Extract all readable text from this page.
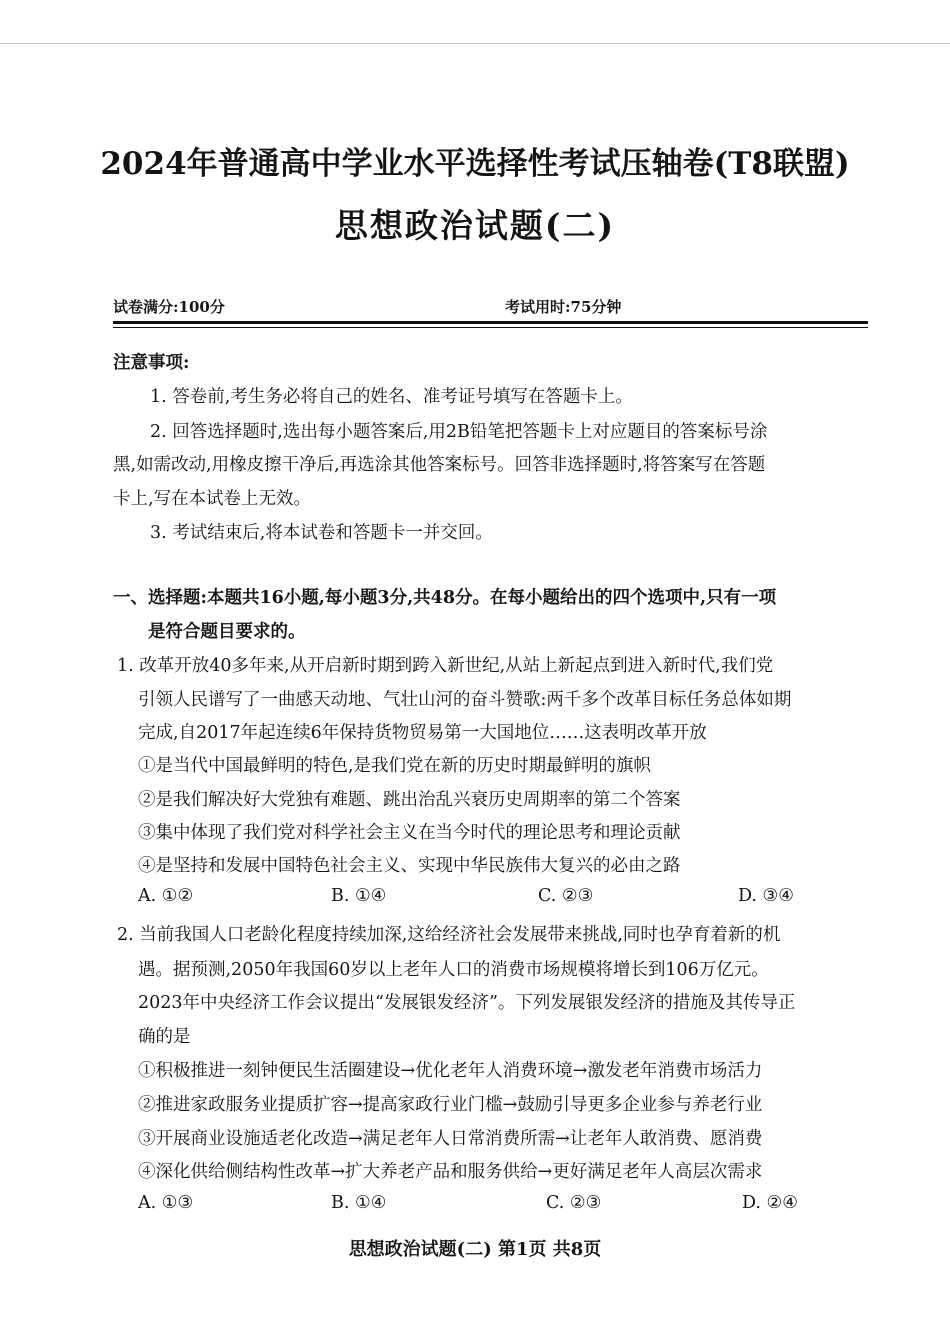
2024年普通高中学业水平选择性考试压轴卷(T8联盟)
思想政治试题(二)
试卷满分:100分	考试用时:75分钟
注意事项:
1. 答卷前,考生务必将自己的姓名、准考证号填写在答题卡上。
2. 回答选择题时,选出每小题答案后,用2B铅笔把答题卡上对应题目的答案标号涂
黑,如需改动,用橡皮擦干净后,再选涂其他答案标号。回答非选择题时,将答案写在答题
卡上,写在本试卷上无效。
3. 考试结束后,将本试卷和答题卡一并交回。
一、选择题:本题共16小题,每小题3分,共48分。在每小题给出的四个选项中,只有一项
是符合题目要求的。
1. 改革开放40多年来,从开启新时期到跨入新世纪,从站上新起点到进入新时代,我们党
引领人民谱写了一曲感天动地、气壮山河的奋斗赞歌:两千多个改革目标任务总体如期
完成,自2017年起连续6年保持货物贸易第一大国地位……这表明改革开放
①是当代中国最鲜明的特色,是我们党在新的历史时期最鲜明的旗帜
②是我们解决好大党独有难题、跳出治乱兴衰历史周期率的第二个答案
③集中体现了我们党对科学社会主义在当今时代的理论思考和理论贡献
④是坚持和发展中国特色社会主义、实现中华民族伟大复兴的必由之路
A. ①②	B. ①④	C. ②③	D. ③④
2. 当前我国人口老龄化程度持续加深,这给经济社会发展带来挑战,同时也孕育着新的机
遇。据预测,2050年我国60岁以上老年人口的消费市场规模将增长到106万亿元。
2023年中央经济工作会议提出“发展银发经济”。下列发展银发经济的措施及其传导正
确的是
①积极推进一刻钟便民生活圈建设→优化老年人消费环境→激发老年消费市场活力
②推进家政服务业提质扩容→提高家政行业门槛→鼓励引导更多企业参与养老行业
③开展商业设施适老化改造→满足老年人日常消费所需→让老年人敢消费、愿消费
④深化供给侧结构性改革→扩大养老产品和服务供给→更好满足老年人高层次需求
A. ①③	B. ①④	C. ②③	D. ②④
思想政治试题(二) 第1页 共8页
